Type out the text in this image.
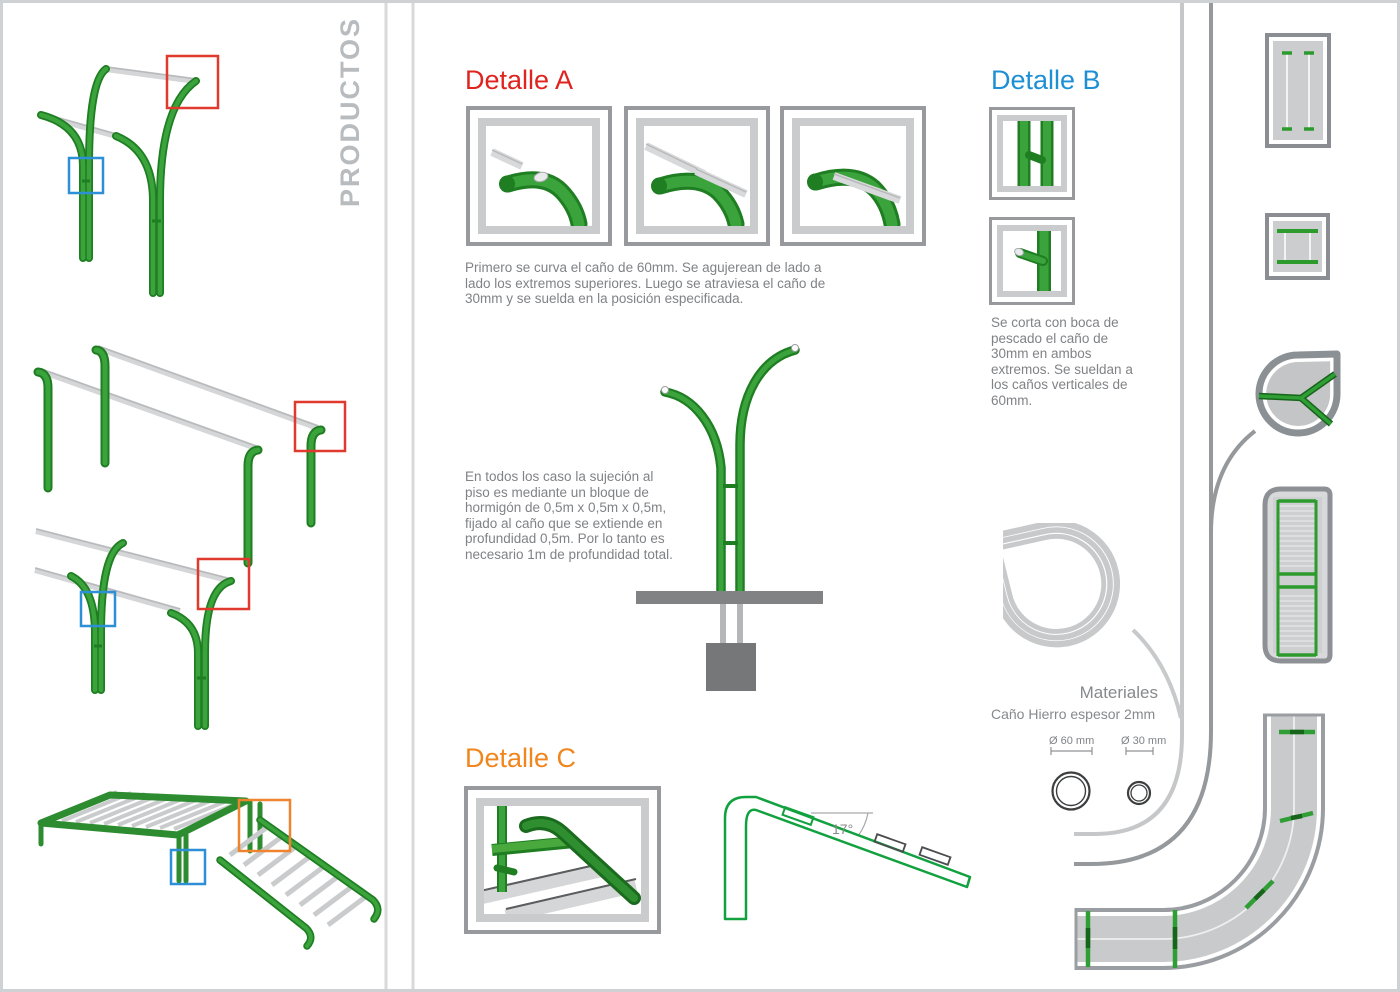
PRODUCTOS	Detalle A
Primero se curva el caño de 60mm. Se agujerean de lado a lado los extremos superiores. Luego se atraviesa el caño de 30mm y se suelda en la posición especificada.
En todos los caso la sujeción al piso es mediante un bloque de hormigón de 0,5m x 0,5m x 0,5m, fijado al caño que se extiende en profundidad 0,5m. Por lo tanto es necesario 1m de profundidad total.
Detalle B
Se corta con boca de pescado el caño de 30mm en ambos extremos. Se sueldan a los caños verticales de 60mm.
Detalle C
17°
Materiales
Caño Hierro espesor 2mm
Ø 60 mm Ø 30 mm
